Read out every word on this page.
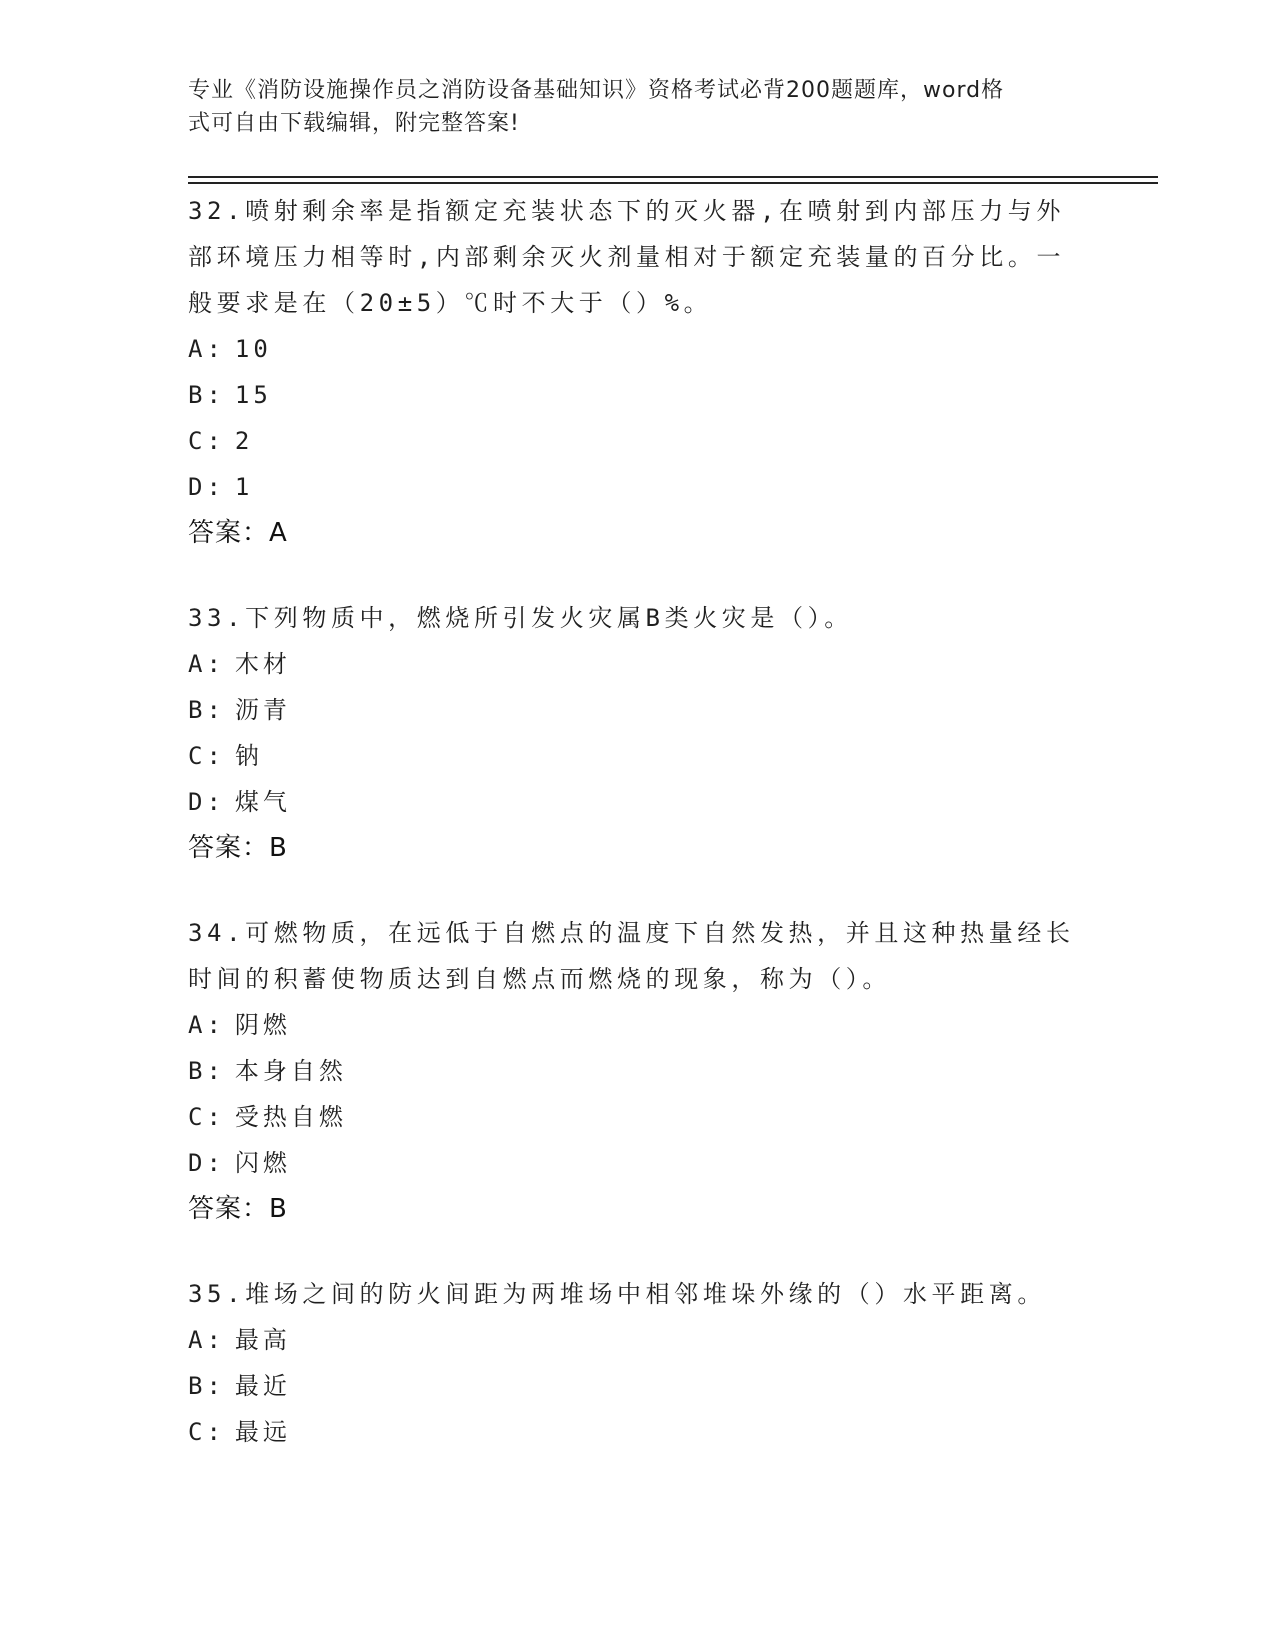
专业《消防设施操作员之消防设备基础知识》资格考试必背200题题库，word格
式可自由下载编辑，附完整答案!

32.喷射剩余率是指额定充装状态下的灭火器,在喷射到内部压力与外部环境压力相等时,内部剩余灭火剂量相对于额定充装量的百分比。一般要求是在（20±5）℃时不大于（）%。

A: 10
B: 15
C: 2
D: 1
答案：A

33.下列物质中，燃烧所引发火灾属B类火灾是（）。

A: 木材
B: 沥青
C: 钠
D: 煤气
答案：B

34.可燃物质，在远低于自燃点的温度下自然发热，并且这种热量经长时间的积蓄使物质达到自燃点而燃烧的现象，称为（）。

A: 阴燃
B: 本身自然
C: 受热自燃
D: 闪燃
答案：B

35.堆场之间的防火间距为两堆场中相邻堆垛外缘的（）水平距离。

A: 最高
B: 最近
C: 最远
